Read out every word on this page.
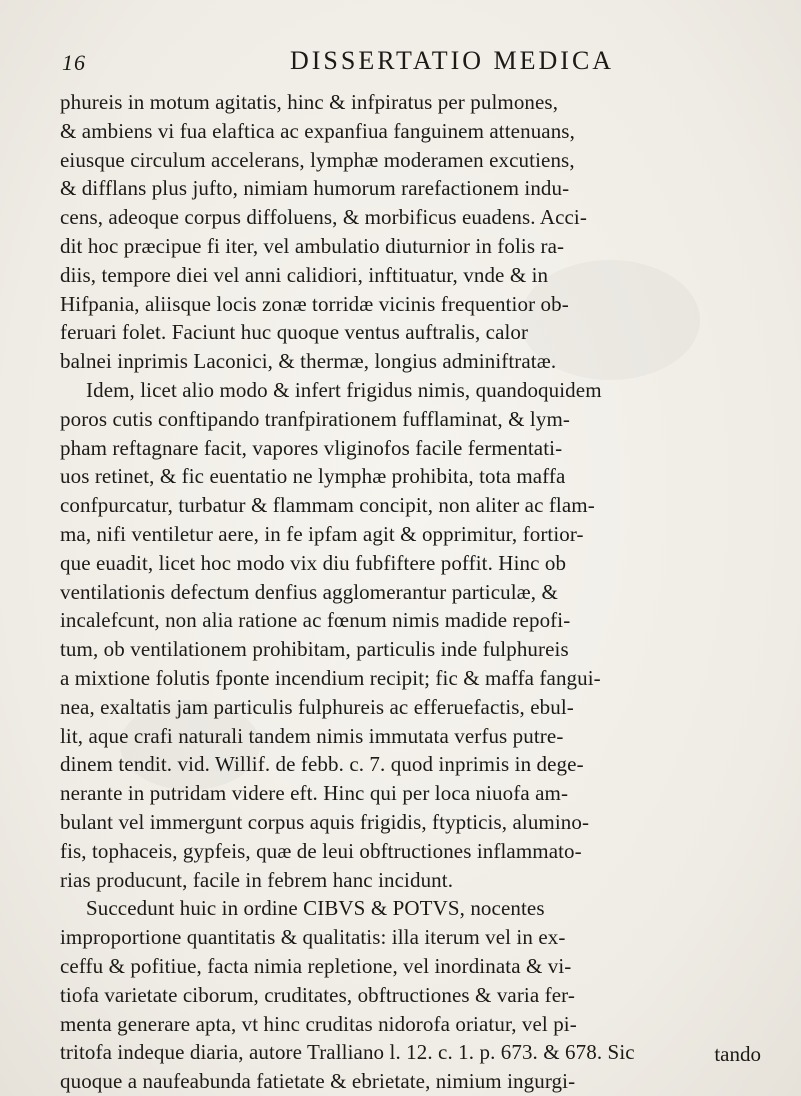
16	DISSERTATIO MEDICA
phureis in motum agitatis, hinc & infpiratus per pulmones,
& ambiens vi fua elaftica ac expanfiua fanguinem attenuans,
eiusque circulum accelerans, lymphæ moderamen excutiens,
& difflans plus jufto, nimiam humorum rarefactionem indu-
cens, adeoque corpus diffoluens, & morbificus euadens. Acci-
dit hoc præcipue fi iter, vel ambulatio diuturnior in folis ra-
diis, tempore diei vel anni calidiori, inftituatur, vnde & in
Hifpania, aliisque locis zonæ torridæ vicinis frequentior ob-
feruari folet. Faciunt huc quoque ventus auftralis, calor
balnei inprimis Laconici, & thermæ, longius adminiftratæ.
Idem, licet alio modo & infert frigidus nimis, quandoquidem
poros cutis conftipando tranfpirationem fufflaminat, & lym-
pham reftagnare facit, vapores vliginofos facile fermentati-
uos retinet, & fic euentatio ne lymphæ prohibita, tota maffa
confpurcatur, turbatur & flammam concipit, non aliter ac flam-
ma, nifi ventiletur aere, in fe ipfam agit & opprimitur, fortior-
que euadit, licet hoc modo vix diu fubfiftere poffit. Hinc ob
ventilationis defectum denfius agglomerantur particulæ, &
incalefcunt, non alia ratione ac fœnum nimis madide repofi-
tum, ob ventilationem prohibitam, particulis inde fulphureis
a mixtione folutis fponte incendium recipit; fic & maffa fangui-
nea, exaltatis jam particulis fulphureis ac efferuefactis, ebul-
lit, aque crafi naturali tandem nimis immutata verfus putre-
dinem tendit. vid. Willif. de febb. c. 7. quod inprimis in dege-
nerante in putridam videre eft. Hinc qui per loca niuofa am-
bulant vel immergunt corpus aquis frigidis, ftypticis, alumino-
fis, tophaceis, gypfeis, quæ de leui obftructiones inflammato-
rias producunt, facile in febrem hanc incidunt.
Succedunt huic in ordine CIBVS & POTVS, nocentes
improportione quantitatis & qualitatis: illa iterum vel in ex-
ceffu & pofitiue, facta nimia repletione, vel inordinata & vi-
tiofa varietate ciborum, cruditates, obftructiones & varia fer-
menta generare apta, vt hinc cruditas nidorofa oriatur, vel pi-
tritofa indeque diaria, autore Tralliano l. 12. c. 1. p. 673. & 678. Sic
quoque a naufeabunda fatietate & ebrietate, nimium ingurgi-
tando
